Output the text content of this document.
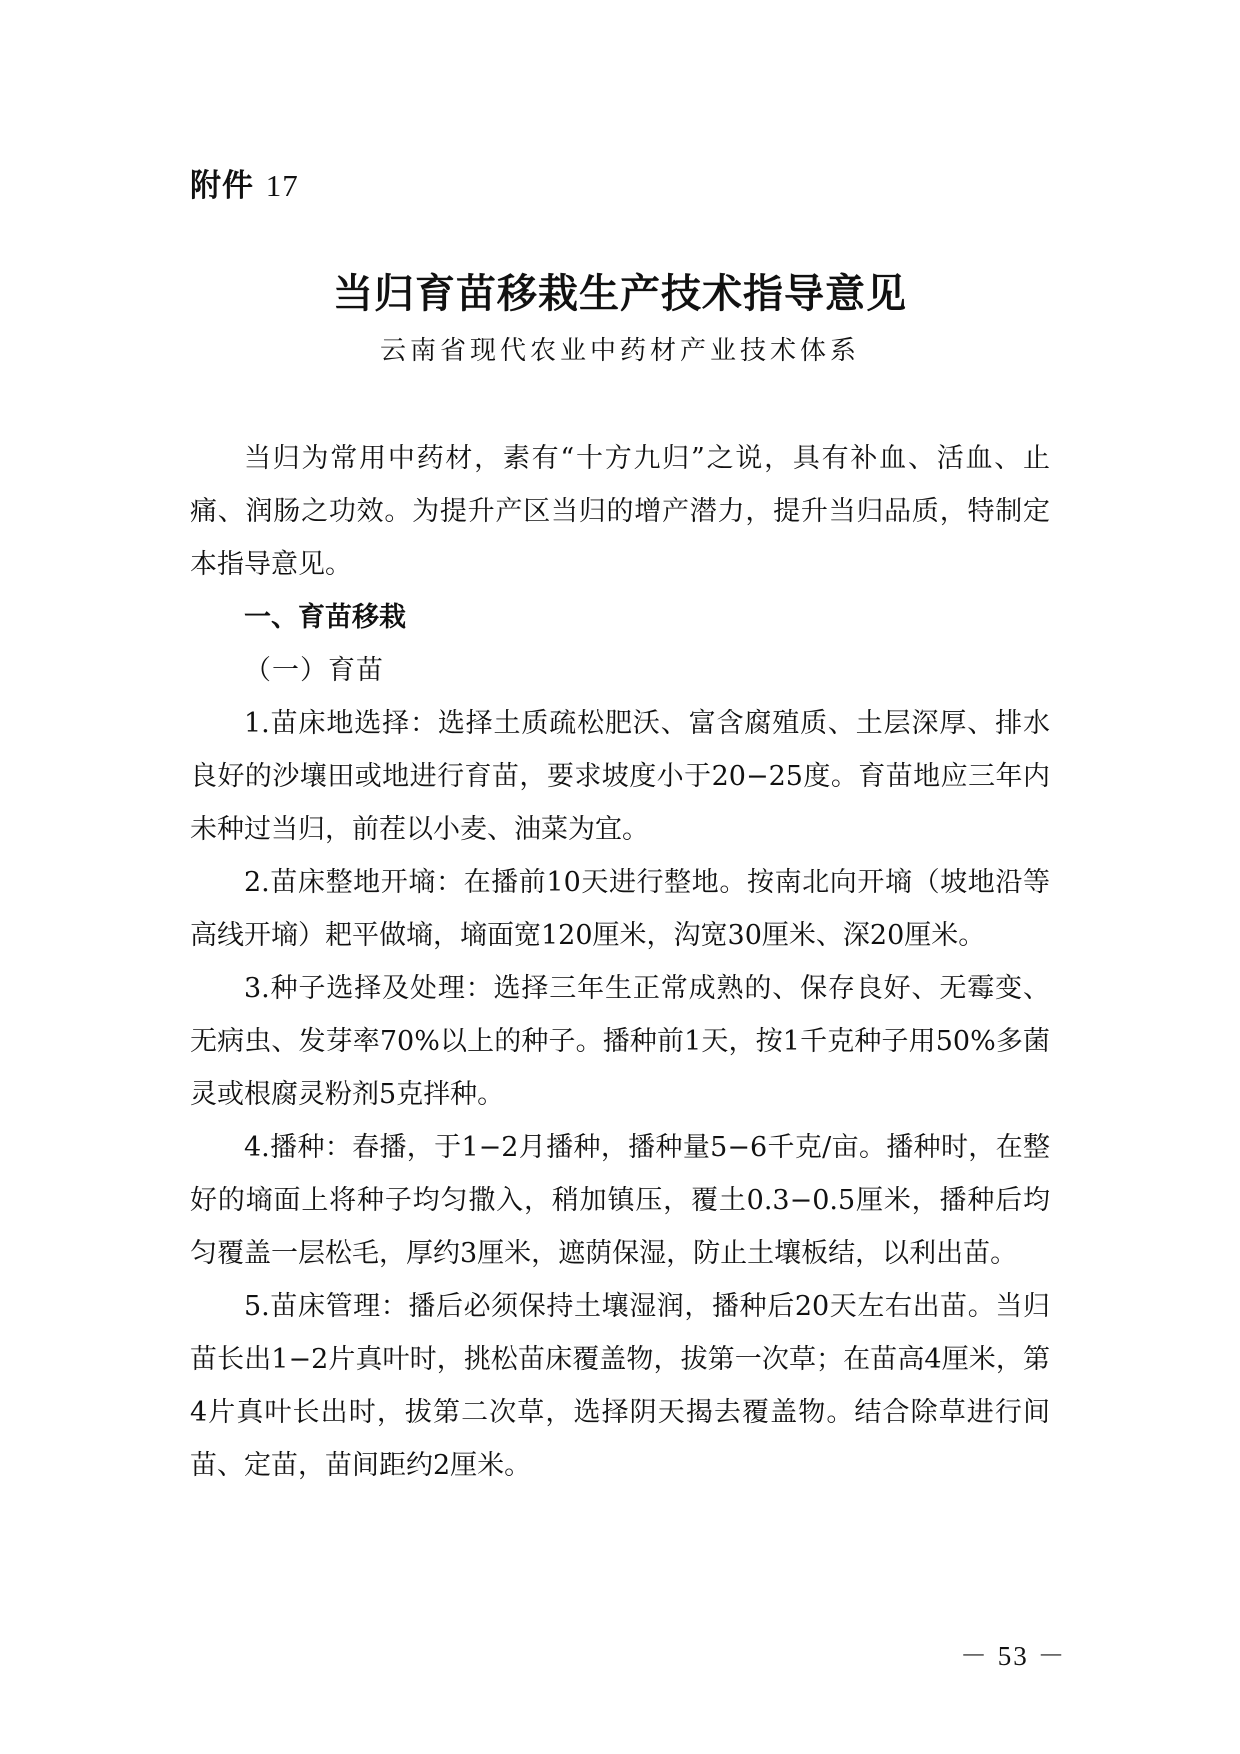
附件 17
当归育苗移栽生产技术指导意见
云南省现代农业中药材产业技术体系

当归为常用中药材，素有“十方九归”之说，具有补血、活血、止痛、润肠之功效。为提升产区当归的增产潜力，提升当归品质，特制定本指导意见。

一、育苗移栽

（一）育苗

1.苗床地选择：选择土质疏松肥沃、富含腐殖质、土层深厚、排水良好的沙壤田或地进行育苗，要求坡度小于20−25度。育苗地应三年内未种过当归，前茬以小麦、油菜为宜。

2.苗床整地开墒：在播前10天进行整地。按南北向开墒（坡地沿等高线开墒）耙平做墒，墒面宽120厘米，沟宽30厘米、深20厘米。

3.种子选择及处理：选择三年生正常成熟的、保存良好、无霉变、无病虫、发芽率70%以上的种子。播种前1天，按1千克种子用50%多菌灵或根腐灵粉剂5克拌种。

4.播种：春播，于1−2月播种，播种量5−6千克/亩。播种时，在整好的墒面上将种子均匀撒入，稍加镇压，覆土0.3−0.5厘米，播种后均匀覆盖一层松毛，厚约3厘米，遮荫保湿，防止土壤板结，以利出苗。

5.苗床管理：播后必须保持土壤湿润，播种后20天左右出苗。当归苗长出1−2片真叶时，挑松苗床覆盖物，拔第一次草；在苗高4厘米，第4片真叶长出时，拔第二次草，选择阴天揭去覆盖物。结合除草进行间苗、定苗，苗间距约2厘米。

－ 53 －
